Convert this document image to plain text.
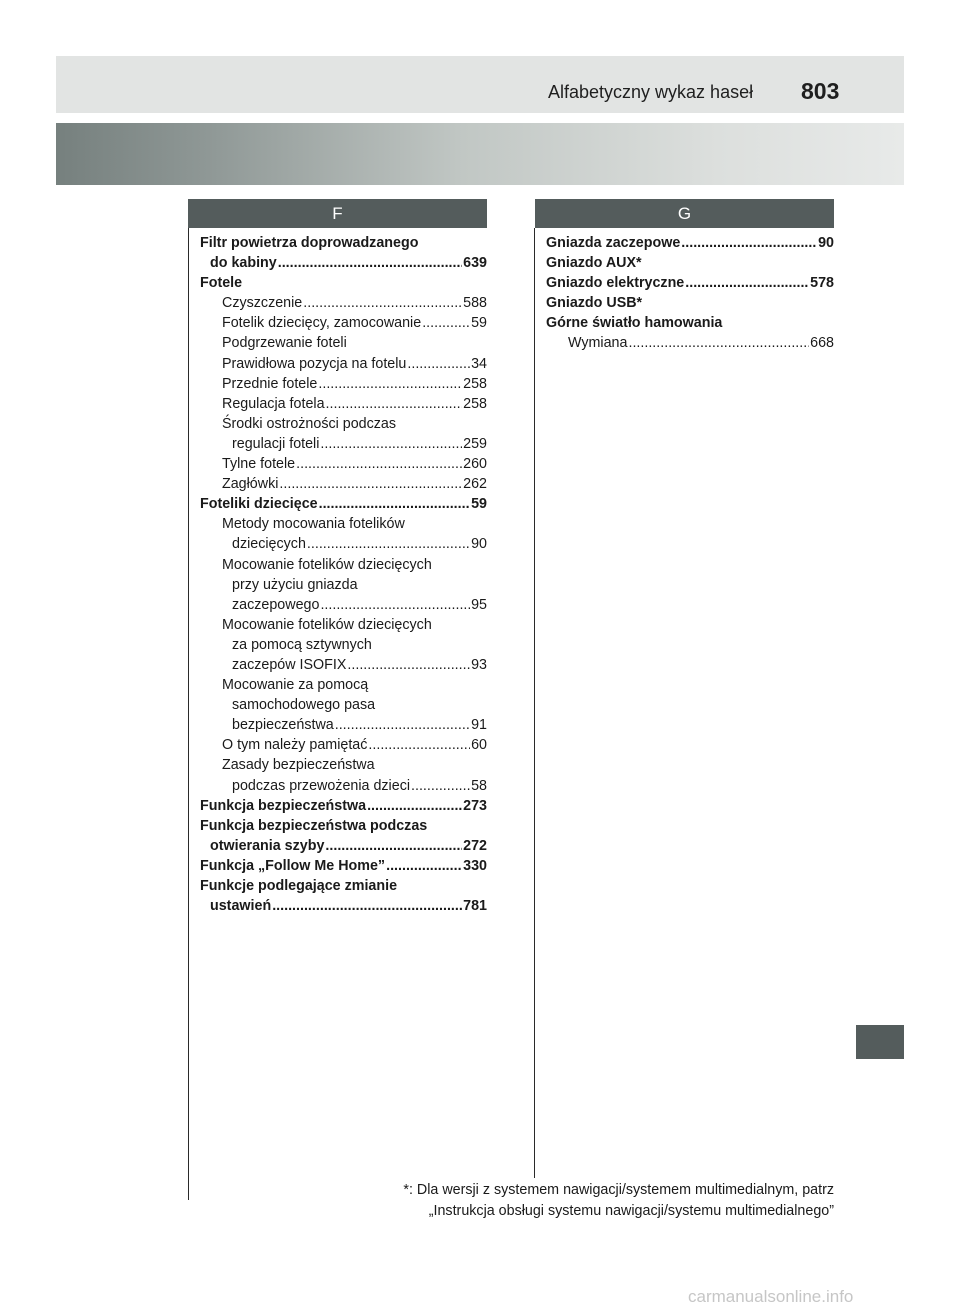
Alfabetyczny wykaz haseł 803
F	G
Filtr powietrza doprowadzanego
do kabiny .....	639
Fotele
Czyszczenie .....	588
Fotelik dziecięcy, zamocowanie .....	59
Podgrzewanie foteli
Prawidłowa pozycja na fotelu .....	34
Przednie fotele .....	258
Regulacja fotela .....	258
Środki ostrożności podczas
regulacji foteli .....	259
Tylne fotele .....	260
Zagłówki .....	262
Foteliki dziecięce .....	59
Metody mocowania fotelików
dziecięcych .....	90
Mocowanie fotelików dziecięcych
przy użyciu gniazda
zaczepowego .....	95
Mocowanie fotelików dziecięcych
za pomocą sztywnych
zaczepów ISOFIX .....	93
Mocowanie za pomocą
samochodowego pasa
bezpieczeństwa .....	91
O tym należy pamiętać .....	60
Zasady bezpieczeństwa
podczas przewożenia dzieci .....	58
Funkcja bezpieczeństwa .....	273
Funkcja bezpieczeństwa podczas
otwierania szyby .....	272
Funkcja „Follow Me Home” .....	330
Funkcje podlegające zmianie
ustawień .....	781
Gniazda zaczepowe .....	90
Gniazdo AUX*
Gniazdo elektryczne .....	578
Gniazdo USB*
Górne światło hamowania
Wymiana .....	668
*: Dla wersji z systemem nawigacji/systemem multimedialnym, patrz
„Instrukcja obsługi systemu nawigacji/systemu multimedialnego”
carmanualsonline.info
